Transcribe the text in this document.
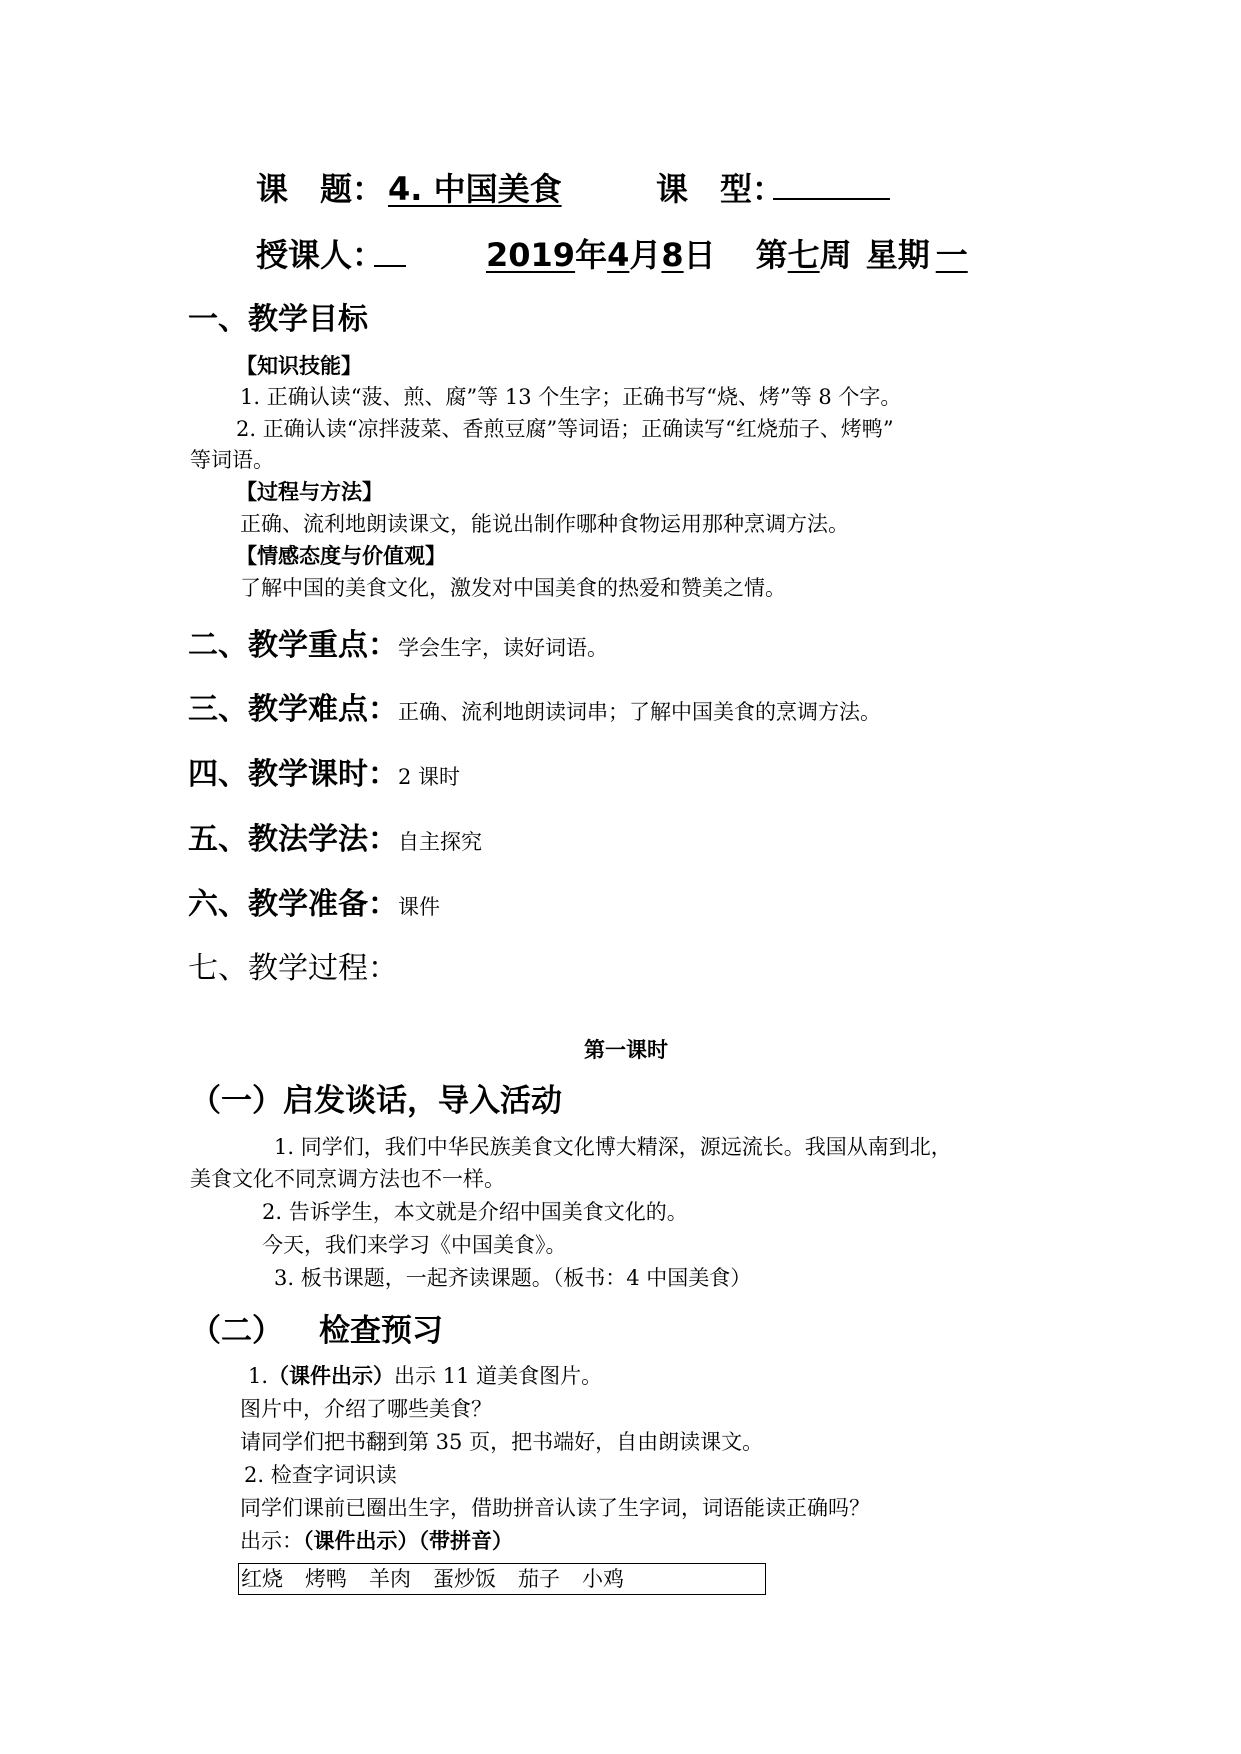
课　题： 4. 中国美食	课　型：
授课人：	2019年4月8日 第七周 星期 一
一、教学目标
【知识技能】
1. 正确认读“菠、煎、腐”等 13 个生字；正确书写“烧、烤”等 8 个字。
2. 正确认读“凉拌菠菜、香煎豆腐”等词语；正确读写“红烧茄子、烤鸭”
等词语。
【过程与方法】
正确、流利地朗读课文，能说出制作哪种食物运用那种烹调方法。
【情感态度与价值观】
了解中国的美食文化，激发对中国美食的热爱和赞美之情。
二、教学重点：学会生字，读好词语。
三、教学难点：正确、流利地朗读词串；了解中国美食的烹调方法。
四、教学课时：2 课时
五、教法学法：自主探究
六、教学准备：课件
七、教学过程：
第一课时
（一）启发谈话，导入活动
1. 同学们，我们中华民族美食文化博大精深，源远流长。我国从南到北，
美食文化不同烹调方法也不一样。
2. 告诉学生，本文就是介绍中国美食文化的。
今天，我们来学习《中国美食》。
3. 板书课题，一起齐读课题。（板书：4 中国美食）
（二） 检查预习
1.（课件出示）出示 11 道美食图片。
图片中，介绍了哪些美食？
请同学们把书翻到第 35 页，把书端好，自由朗读课文。
2. 检查字词识读
同学们课前已圈出生字，借助拼音认读了生字词，词语能读正确吗？
出示：（课件出示）（带拼音）
红烧 烤鸭 羊肉 蛋炒饭 茄子 小鸡
